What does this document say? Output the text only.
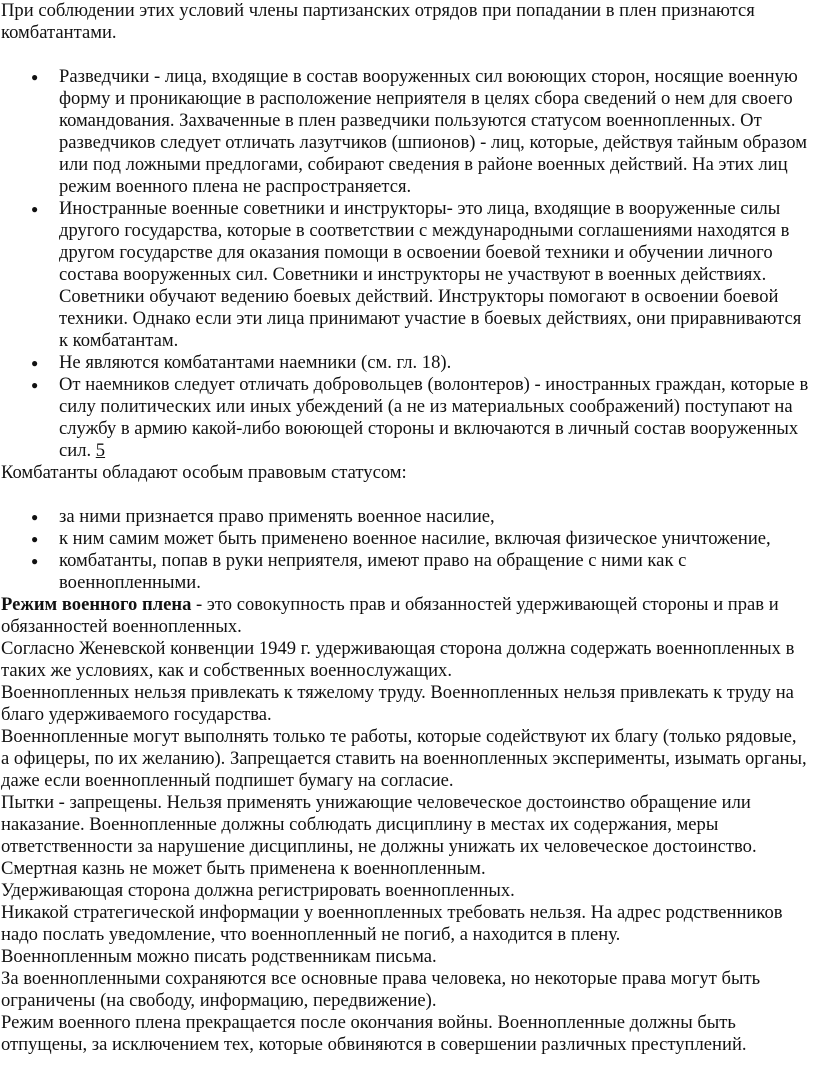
При соблюдении этих условий члены партизанских отрядов при попадании в плен признаются комбатантами.

● Разведчики - лица, входящие в состав вооруженных сил воюющих сторон, носящие военную форму и проникающие в расположение неприятеля в целях сбора сведений о нем для своего командования. Захваченные в плен разведчики пользуются статусом военнопленных. От разведчиков следует отличать лазутчиков (шпионов) - лиц, которые, действуя тайным образом или под ложными предлогами, собирают сведения в районе военных действий. На этих лиц режим военного плена не распространяется.
● Иностранные военные советники и инструкторы- это лица, входящие в вооруженные силы другого государства, которые в соответствии с международными соглашениями находятся в другом государстве для оказания помощи в освоении боевой техники и обучении личного состава вооруженных сил. Советники и инструкторы не участвуют в военных действиях. Советники обучают ведению боевых действий. Инструкторы помогают в освоении боевой техники. Однако если эти лица принимают участие в боевых действиях, они приравниваются к комбатантам.
● Не являются комбатантами наемники (см. гл. 18).
● От наемников следует отличать добровольцев (волонтеров) - иностранных граждан, которые в силу политических или иных убеждений (а не из материальных соображений) поступают на службу в армию какой-либо воюющей стороны и включаются в личный состав вооруженных сил. 5

Комбатанты обладают особым правовым статусом:

● за ними признается право применять военное насилие,
● к ним самим может быть применено военное насилие, включая физическое уничтожение,
● комбатанты, попав в руки неприятеля, имеют право на обращение с ними как с военнопленными.

Режим военного плена - это совокупность прав и обязанностей удерживающей стороны и прав и обязанностей военнопленных.

Согласно Женевской конвенции 1949 г. удерживающая сторона должна содержать военнопленных в таких же условиях, как и собственных военнослужащих.

Военнопленных нельзя привлекать к тяжелому труду. Военнопленных нельзя привлекать к труду на благо удерживаемого государства.

Военнопленные могут выполнять только те работы, которые содействуют их благу (только рядовые, а офицеры, по их желанию). Запрещается ставить на военнопленных эксперименты, изымать органы, даже если военнопленный подпишет бумагу на согласие.

Пытки - запрещены. Нельзя применять унижающие человеческое достоинство обращение или наказание. Военнопленные должны соблюдать дисциплину в местах их содержания, меры ответственности за нарушение дисциплины, не должны унижать их человеческое достоинство.

Смертная казнь не может быть применена к военнопленным.

Удерживающая сторона должна регистрировать военнопленных.

Никакой стратегической информации у военнопленных требовать нельзя. На адрес родственников надо послать уведомление, что военнопленный не погиб, а находится в плену.

Военнопленным можно писать родственникам письма.

За военнопленными сохраняются все основные права человека, но некоторые права могут быть ограничены (на свободу, информацию, передвижение).

Режим военного плена прекращается после окончания войны. Военнопленные должны быть отпущены, за исключением тех, которые обвиняются в совершении различных преступлений.
